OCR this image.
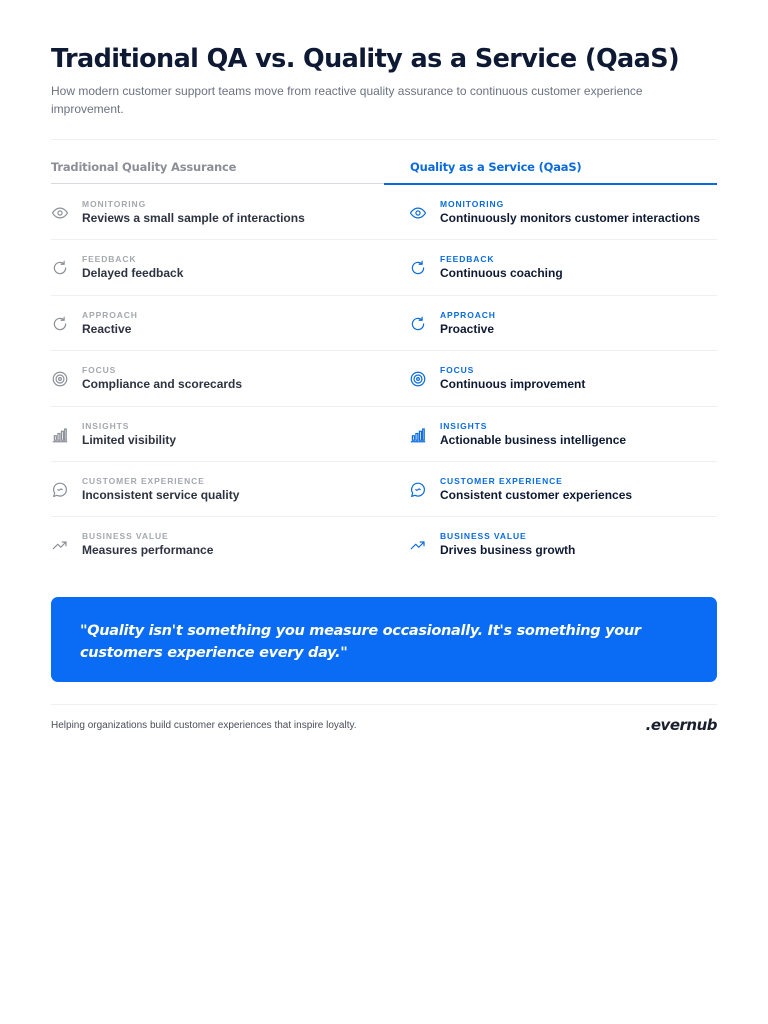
Traditional QA vs. Quality as a Service (QaaS)

How modern customer support teams move from reactive quality assurance to continuous customer experience improvement.

Traditional Quality Assurance	Quality as a Service (QaaS)
MONITORING
Reviews a small sample of interactions
MONITORING
Continuously monitors customer interactions
FEEDBACK
Delayed feedback
FEEDBACK
Continuous coaching
APPROACH
Reactive
APPROACH
Proactive
FOCUS
Compliance and scorecards
FOCUS
Continuous improvement
INSIGHTS
Limited visibility
INSIGHTS
Actionable business intelligence
CUSTOMER EXPERIENCE
Inconsistent service quality
CUSTOMER EXPERIENCE
Consistent customer experiences
BUSINESS VALUE
Measures performance
BUSINESS VALUE
Drives business growth

"Quality isn't something you measure occasionally. It's something your customers experience every day."

Helping organizations build customer experiences that inspire loyalty.	.evernub
